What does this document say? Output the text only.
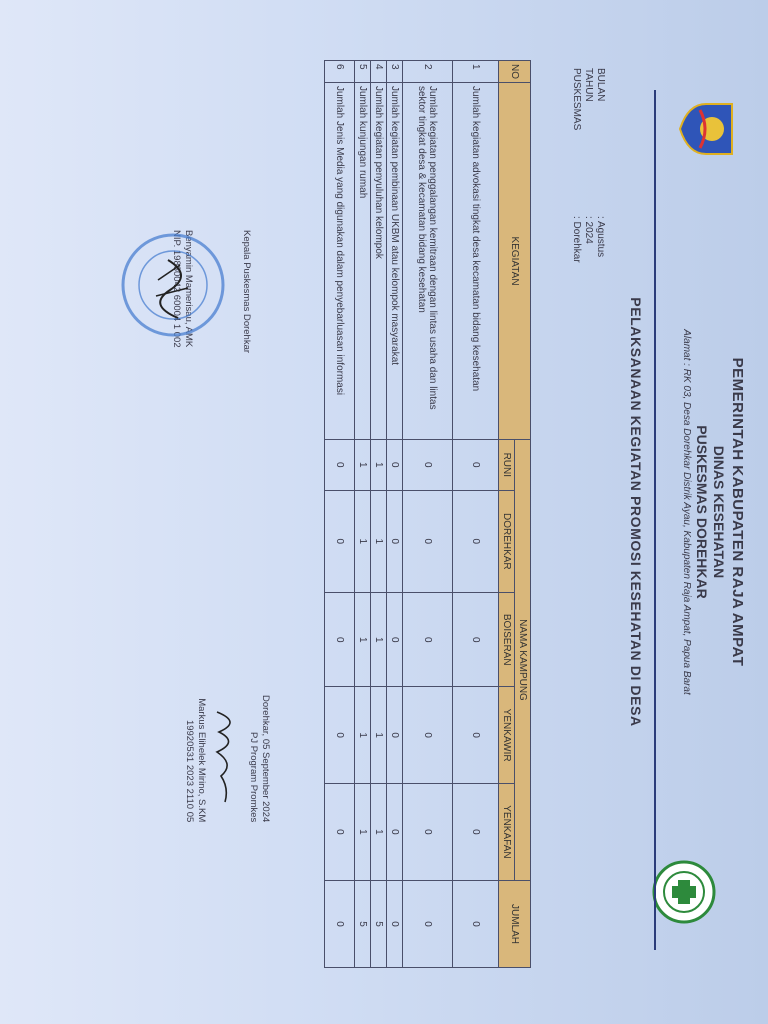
PEMERINTAH KABUPATEN RAJA AMPAT
DINAS KESEHATAN
PUSKESMAS DOREHKAR
Alamat : RK 03, Desa Dorehkar Distrik Ayau, Kabupaten Raja Ampat, Papua Barat
PELAKSANAAN KEGIATAN PROMOSI KESEHATAN DI DESA
BULAN: Agustus
TAHUN: 2024
PUSKESMAS: Dorehkar
NO	KEGIATAN	NAMA KAMPUNG					JUMLAH
		RUNI	DOREHKAR	BOISERAN	YENKAWIR	YENKAFAN	
1	Jumlah kegiatan advokasi tingkat desa kecamatan bidang kesehatan	0	0	0	0	0	0
2	Jumlah kegiatan penggalangan kemitraan dengan lintas usaha dan lintas sektor tingkat desa & kecamatan bidang kesehatan	0	0	0	0	0	0
3	Jumlah kegiatan pembinaan UKBM atau kelompok masyarakat	0	0	0	0	0	0
4	Jumlah kegiatan penyuluhan kelompok	1	1	1	1	1	5
5	Jumlah kunjungan rumah	1	1	1	1	1	5
6	Jumlah Jenis Media yang digunakan dalam penyebarluasan informasi	0	0	0	0	0	0
Kepala Puskesmas Dorehkar
Benyamin Mamerisau, AMK
NIP. 19830042 60004 1 002
Dorehkar, 05 September 2024
PJ Program Promkes
Markus Elihelek Mirino, S.KM
19920531 2023 2110 05
